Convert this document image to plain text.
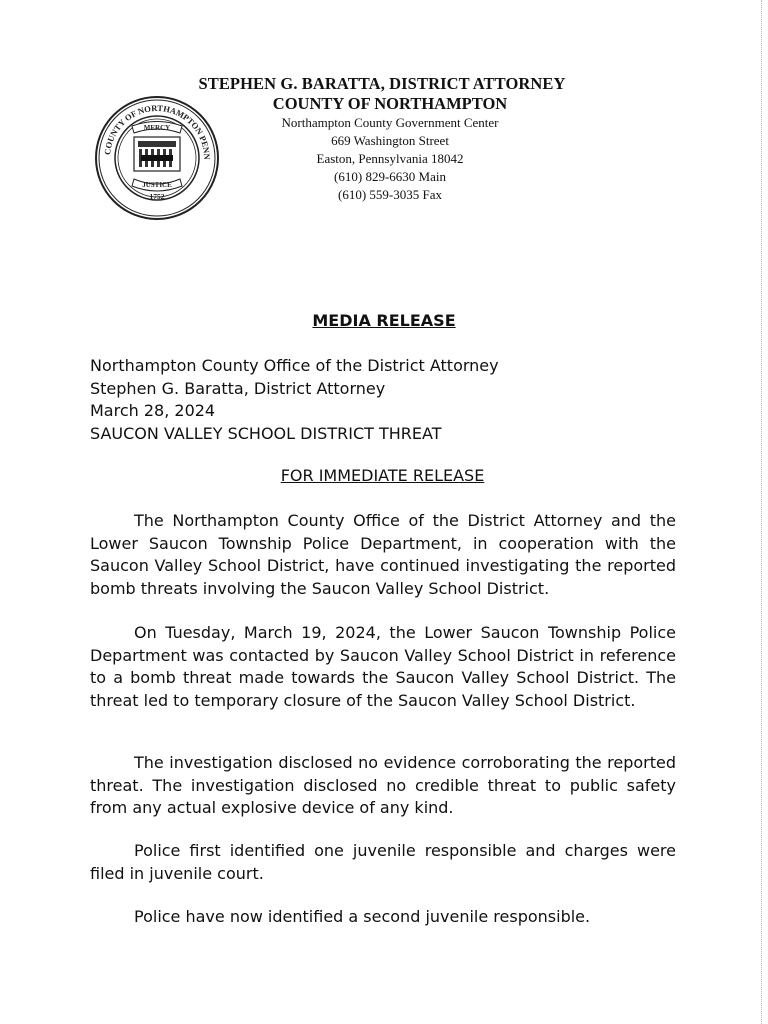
COUNTY OF NORTHAMPTON PENN
MERCY
JUSTICE
1752
STEPHEN G. BARATTA, DISTRICT ATTORNEY
COUNTY OF NORTHAMPTON
Northampton County Government Center
669 Washington Street
Easton, Pennsylvania 18042
(610) 829-6630 Main
(610) 559-3035 Fax
MEDIA RELEASE
Northampton County Office of the District Attorney
Stephen G. Baratta, District Attorney
March 28, 2024
SAUCON VALLEY SCHOOL DISTRICT THREAT
FOR IMMEDIATE RELEASE
The Northampton County Office of the District Attorney and the Lower Saucon Township Police Department, in cooperation with the Saucon Valley School District, have continued investigating the reported bomb threats involving the Saucon Valley School District.
On Tuesday, March 19, 2024, the Lower Saucon Township Police Department was contacted by Saucon Valley School District in reference to a bomb threat made towards the Saucon Valley School District. The threat led to temporary closure of the Saucon Valley School District.
The investigation disclosed no evidence corroborating the reported threat. The investigation disclosed no credible threat to public safety from any actual explosive device of any kind.
Police first identified one juvenile responsible and charges were filed in juvenile court.
Police have now identified a second juvenile responsible.
